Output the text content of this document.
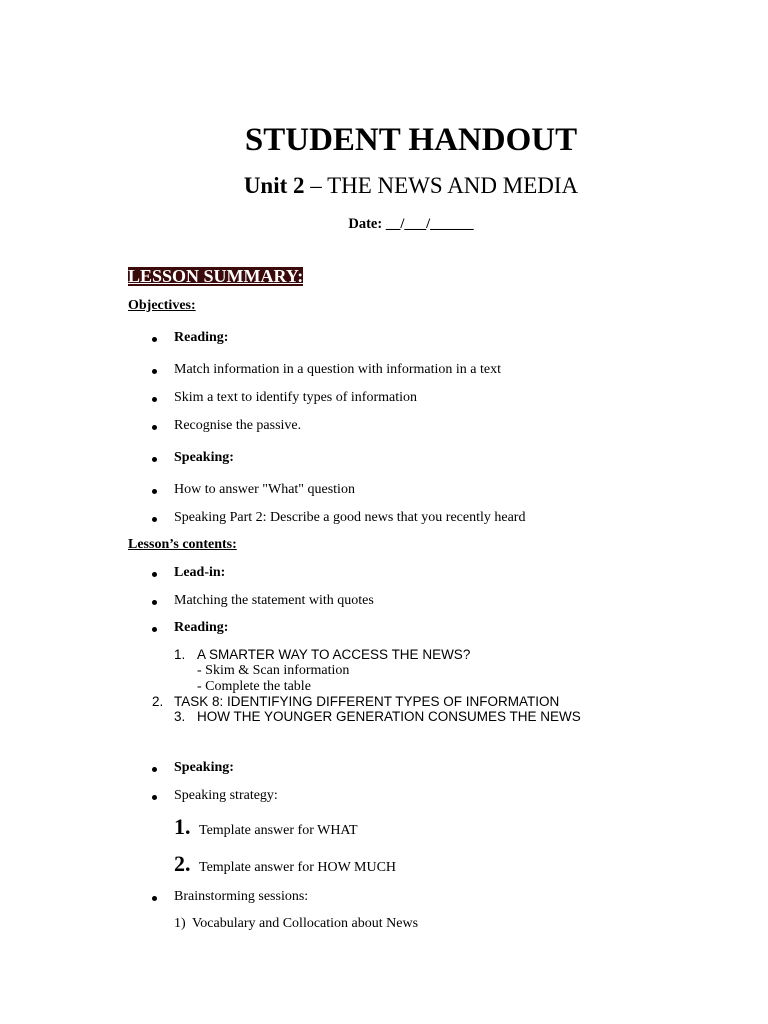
STUDENT HANDOUT
Unit 2 – THE NEWS AND MEDIA
Date: __/___/______
LESSON SUMMARY:
Objectives:
Reading:
Match information in a question with information in a text
Skim a text to identify types of information
Recognise the passive.
Speaking:
How to answer "What" question
Speaking Part 2: Describe a good news that you recently heard
Lesson’s contents:
Lead-in:
Matching the statement with quotes
Reading:
1. A SMARTER WAY TO ACCESS THE NEWS?
- Skim & Scan information
- Complete the table
2. TASK 8: IDENTIFYING DIFFERENT TYPES OF INFORMATION
3. HOW THE YOUNGER GENERATION CONSUMES THE NEWS
Speaking:
Speaking strategy:
1. Template answer for WHAT
2. Template answer for HOW MUCH
Brainstorming sessions:
1) Vocabulary and Collocation about News
